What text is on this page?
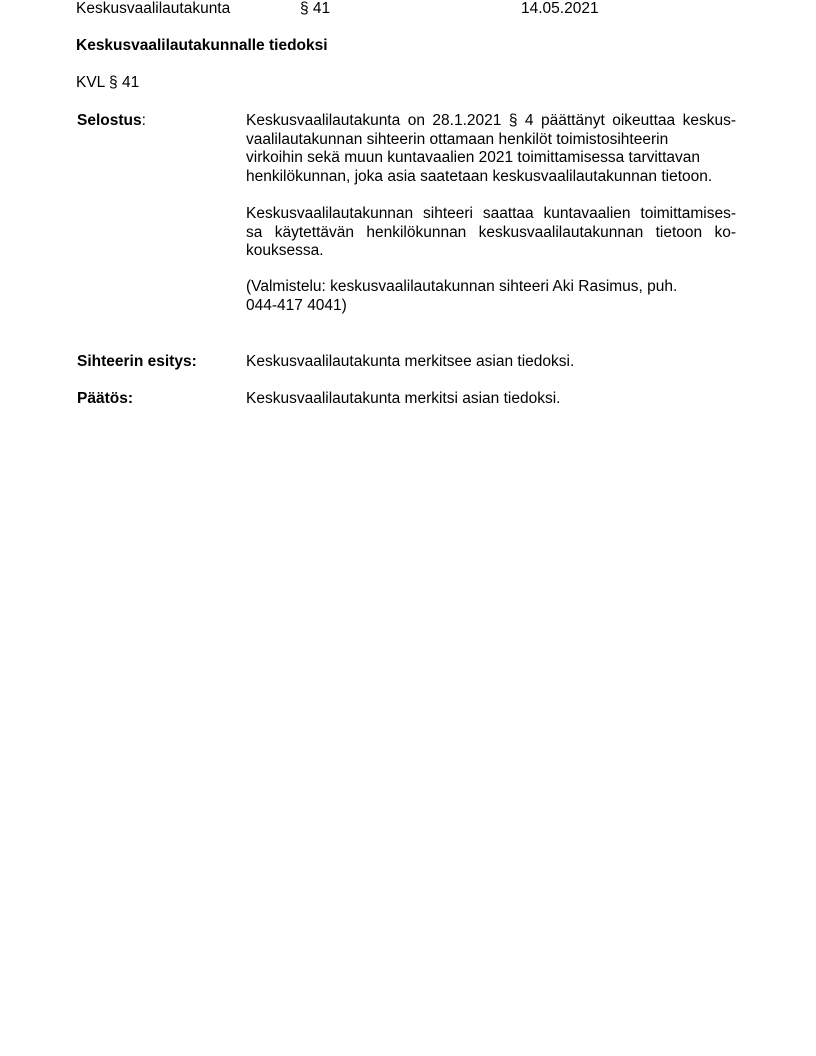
Keskusvaalilautakunta	§ 41	14.05.2021
Keskusvaalilautakunnalle tiedoksi
KVL § 41
Selostus:	Keskusvaalilautakunta on 28.1.2021 § 4 päättänyt oikeuttaa keskus-
vaalilautakunnan sihteerin ottamaan henkilöt toimistosihteerin
virkoihin sekä muun kuntavaalien 2021 toimittamisessa tarvittavan
henkilökunnan, joka asia saatetaan keskusvaalilautakunnan tietoon.

Keskusvaalilautakunnan sihteeri saattaa kuntavaalien toimittamises-
sa käytettävän henkilökunnan keskusvaalilautakunnan tietoon ko-
kouksessa.

(Valmistelu: keskusvaalilautakunnan sihteeri Aki Rasimus, puh.
044-417 4041)

Sihteerin esitys:	Keskusvaalilautakunta merkitsee asian tiedoksi.
Päätös:	Keskusvaalilautakunta merkitsi asian tiedoksi.
